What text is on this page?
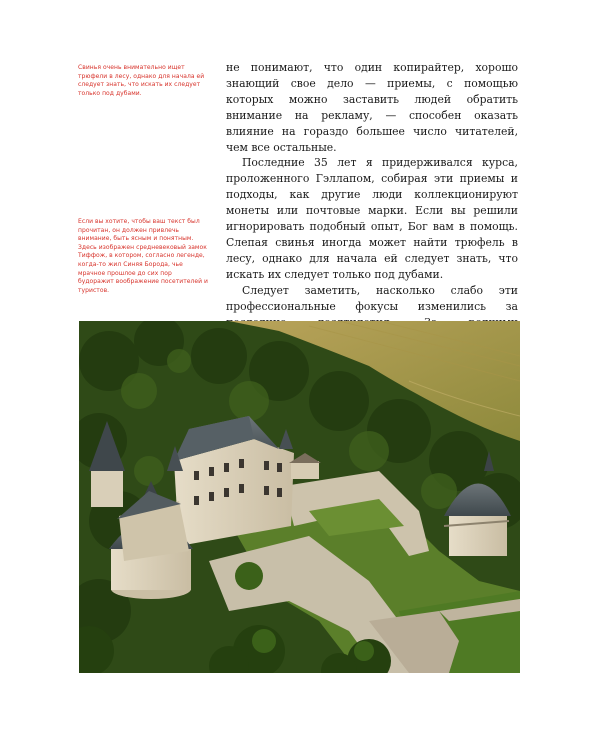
Свинья очень внимательно ищет трюфели в лесу, однако для начала ей следует знать, что искать их следует только под дубами.

Если вы хотите, чтобы ваш текст был прочитан, он должен привлечь внимание, быть ясным и понятным. Здесь изображен средневековый замок Тиффож, в котором, согласно легенде, когда-то жил Синяя Борода, чье мрачное прошлое до сих пор будоражит воображение посетителей и туристов.

не понимают, что один копирайтер, хорошо знающий свое дело — приемы, с помощью которых можно заставить людей обратить внимание на рекламу, — способен оказать влияние на гораздо большее число читателей, чем все остальные.

Последние 35 лет я придерживался курса, проложенного Гэллапом, собирая эти приемы и подходы, как другие люди коллекционируют монеты или почтовые марки. Если вы решили игнорировать подобный опыт, Бог вам в помощь. Слепая свинья иногда может найти трюфель в лесу, однако для начала ей следует знать, что искать их следует только под дубами.

Следует заметить, насколько слабо эти профессиональные фокусы изменились за
